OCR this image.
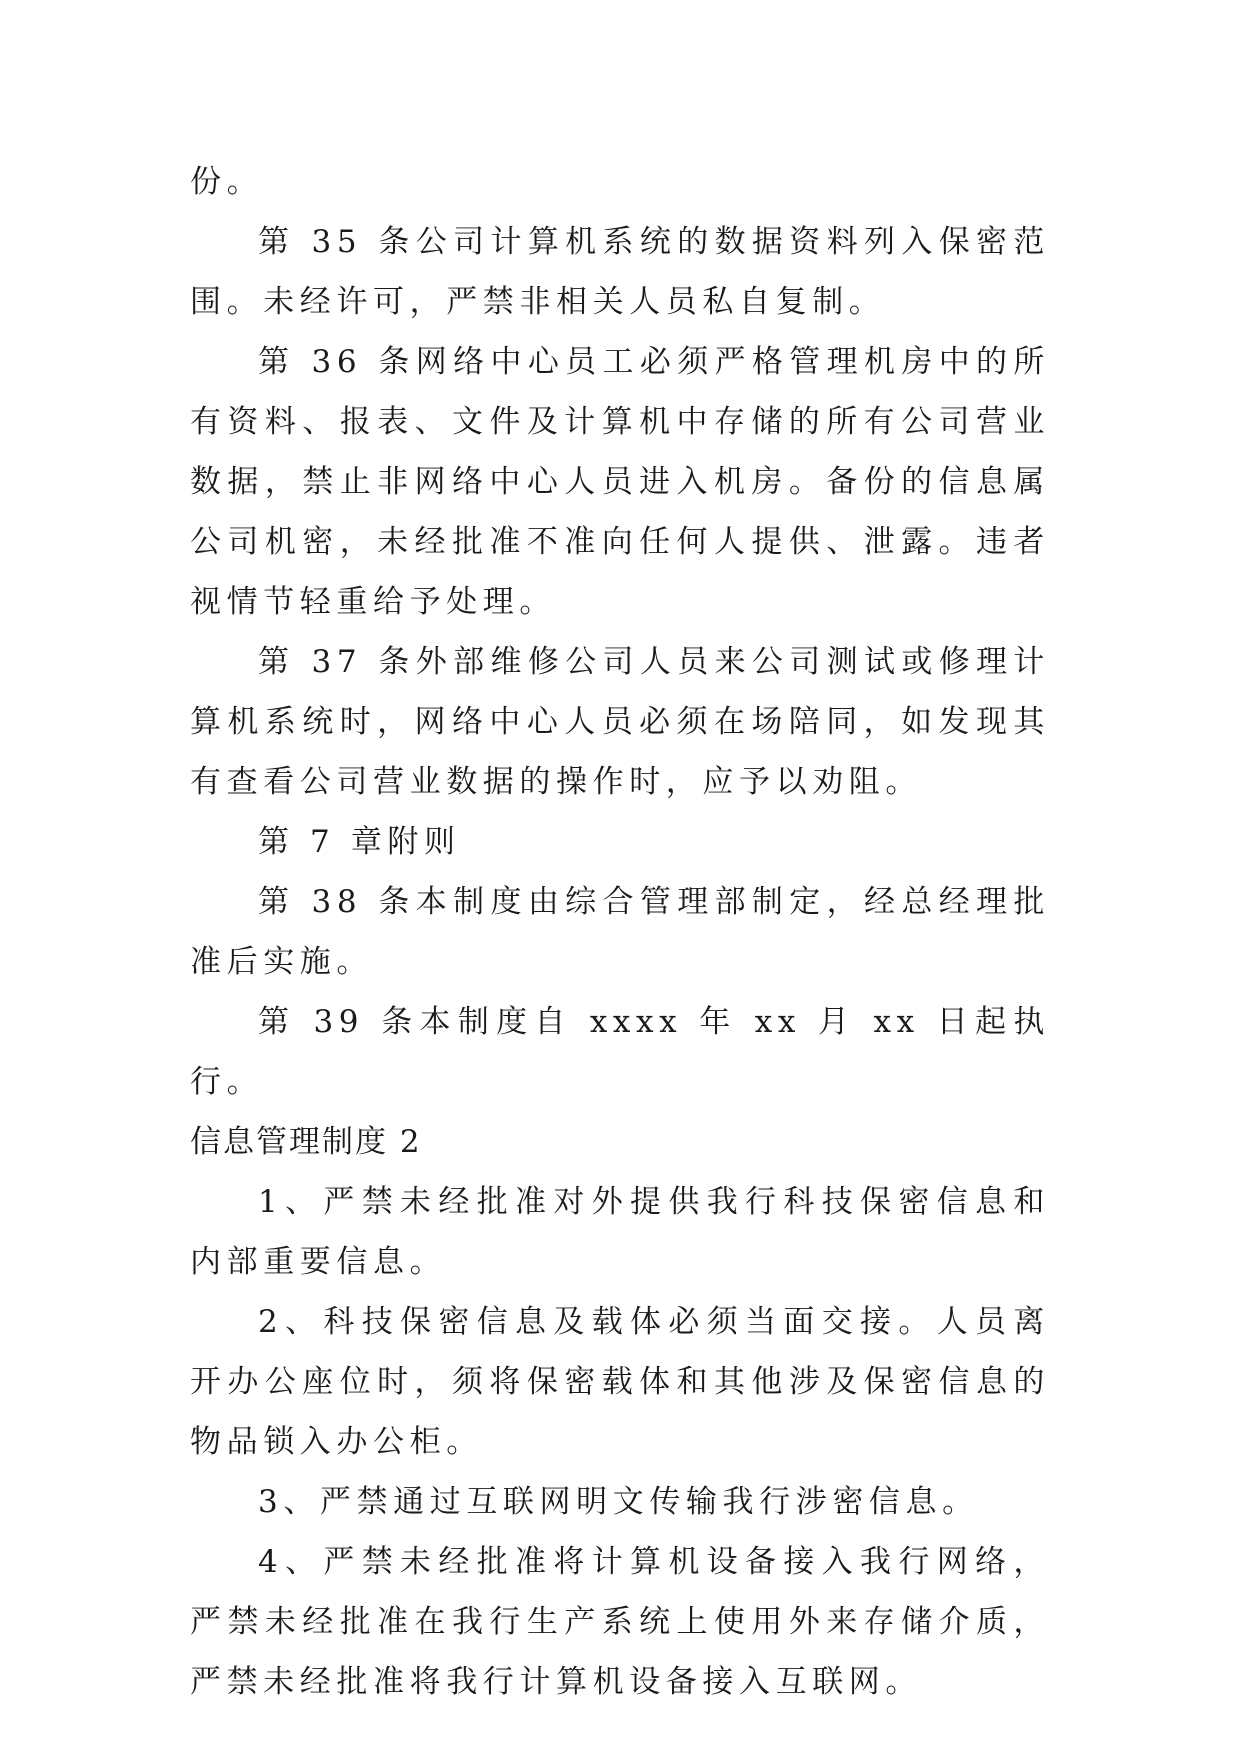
份。

第 35 条公司计算机系统的数据资料列入保密范围。未经许可，严禁非相关人员私自复制。

第 36 条网络中心员工必须严格管理机房中的所有资料、报表、文件及计算机中存储的所有公司营业数据，禁止非网络中心人员进入机房。备份的信息属公司机密，未经批准不准向任何人提供、泄露。违者视情节轻重给予处理。

第 37 条外部维修公司人员来公司测试或修理计算机系统时，网络中心人员必须在场陪同，如发现其有查看公司营业数据的操作时，应予以劝阻。

第 7 章附则

第 38 条本制度由综合管理部制定，经总经理批准后实施。

第 39 条本制度自 xxxx 年 xx 月 xx 日起执行。

信息管理制度 2

1、严禁未经批准对外提供我行科技保密信息和内部重要信息。

2、科技保密信息及载体必须当面交接。人员离开办公座位时，须将保密载体和其他涉及保密信息的物品锁入办公柜。

3、严禁通过互联网明文传输我行涉密信息。

4、严禁未经批准将计算机设备接入我行网络，严禁未经批准在我行生产系统上使用外来存储介质，严禁未经批准将我行计算机设备接入互联网。
